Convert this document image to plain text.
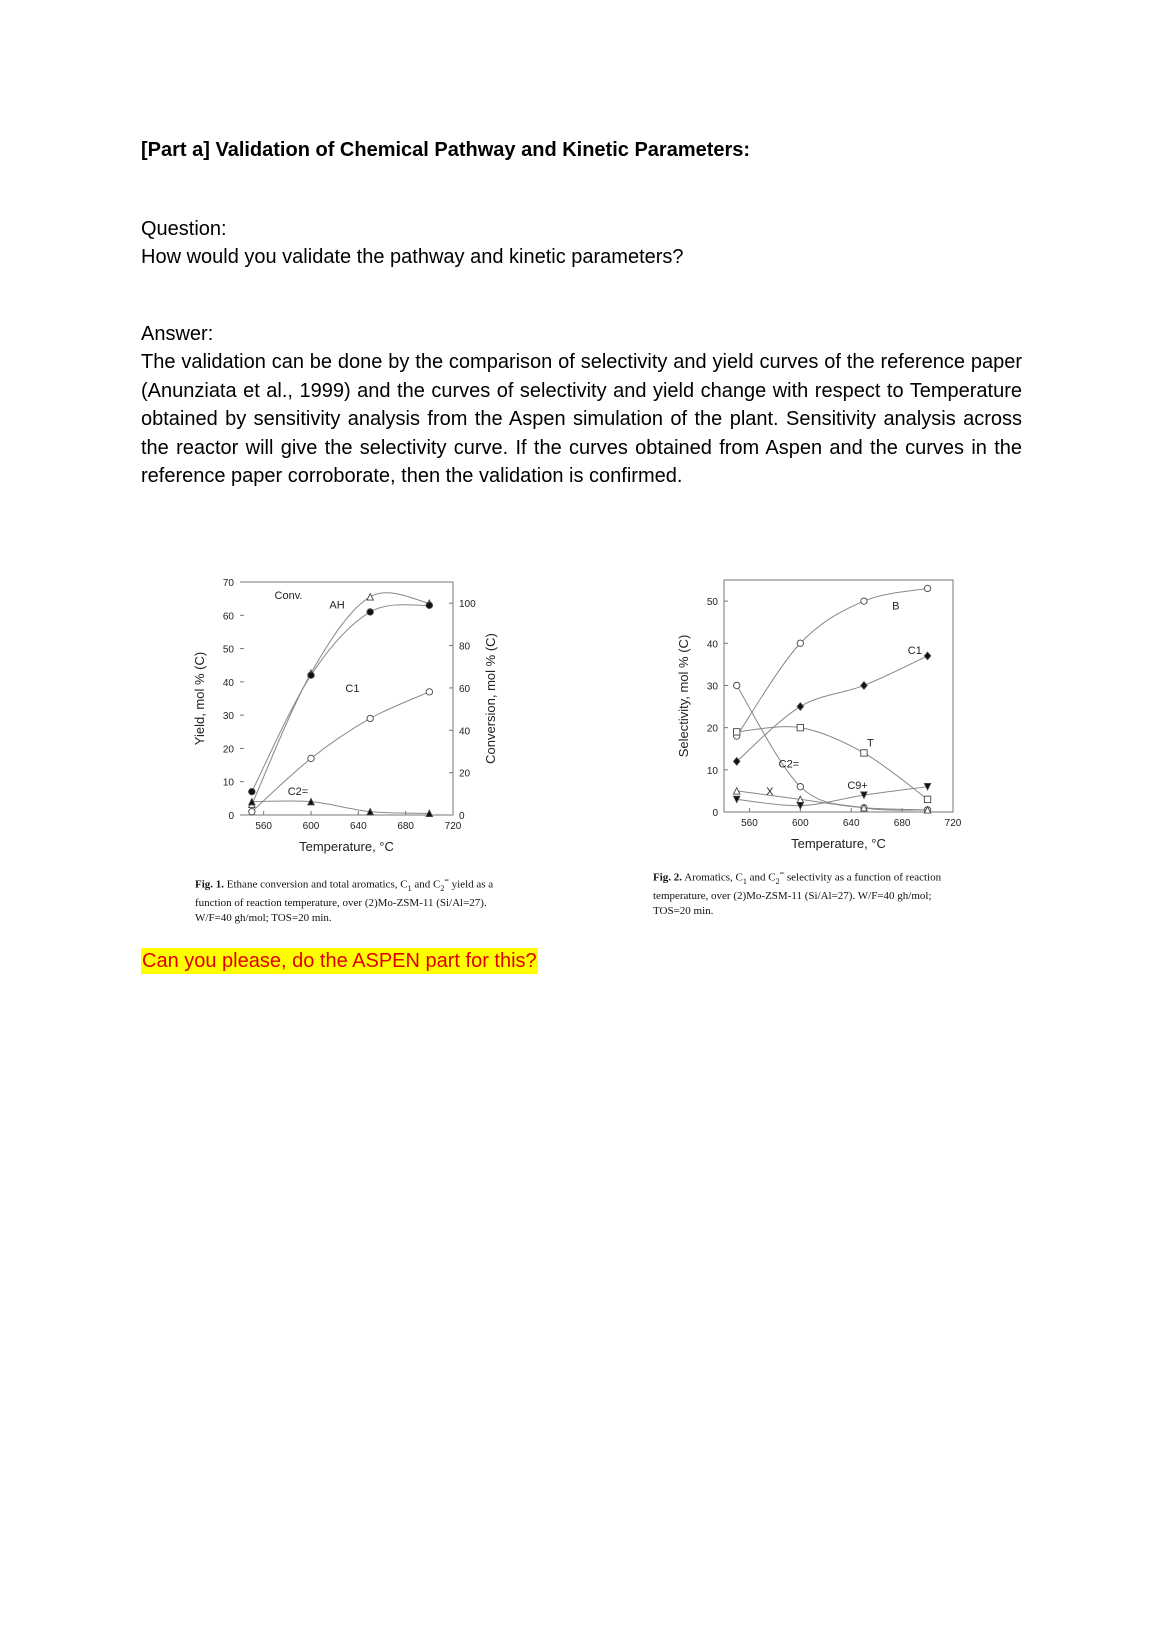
[Part a] Validation of Chemical Pathway and Kinetic Parameters:
Question:
How would you validate the pathway and kinetic parameters?
Answer:
The validation can be done by the comparison of selectivity and yield curves of the reference paper (Anunziata et al., 1999) and the curves of selectivity and yield change with respect to Temperature obtained by sensitivity analysis from the Aspen simulation of the plant. Sensitivity analysis across the reactor will give the selectivity curve. If the curves obtained from Aspen and the curves in the reference paper corroborate, then the validation is confirmed.
560	600	640	680	720
0
10
20
30
40
50
60
70
0
20
40
60
80
100
Conversion, mol % (C)
Temperature, °C
Yield, mol % (C)
Conv.
AH
C1
C2=
Fig. 1. Ethane conversion and total aromatics, $C_1$ and $C_2^=$ yield as a
function of reaction temperature, over (2)Mo-ZSM-11 (Si/Al=27).
W/F=40 gh/mol; TOS=20 min.
560	600	640	680	720
0
10
20
30
40
50
Temperature, °C
Selectivity, mol % (C)
B
C1
T
C2=
X
C9+
Fig. 2. Aromatics, $C_1$ and $C_2^=$ selectivity as a function of reaction
temperature, over (2)Mo-ZSM-11 (Si/Al=27). W/F=40 gh/mol;
TOS=20 min.
Can you please, do the ASPEN part for this?
